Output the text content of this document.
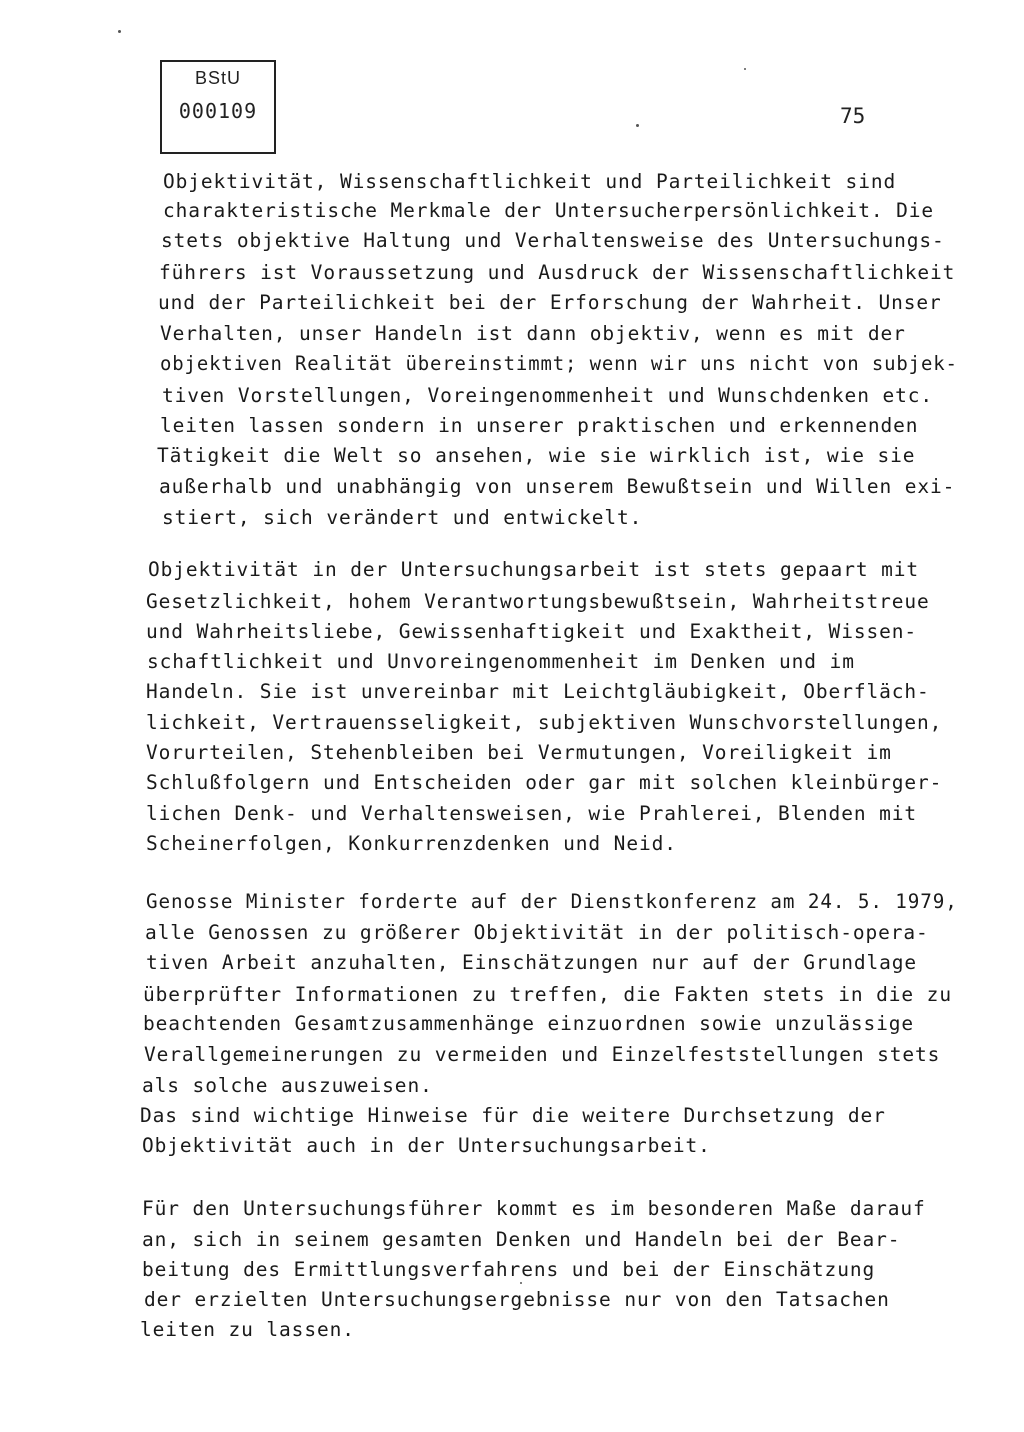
BStU
000109	75
Objektivität, Wissenschaftlichkeit und Parteilichkeit sind
charakteristische Merkmale der Untersucherpersönlichkeit. Die
stets objektive Haltung und Verhaltensweise des Untersuchungs-
führers ist Voraussetzung und Ausdruck der Wissenschaftlichkeit
und der Parteilichkeit bei der Erforschung der Wahrheit. Unser
Verhalten, unser Handeln ist dann objektiv, wenn es mit der
objektiven Realität übereinstimmt; wenn wir uns nicht von subjek-
tiven Vorstellungen, Voreingenommenheit und Wunschdenken etc.
leiten lassen sondern in unserer praktischen und erkennenden
Tätigkeit die Welt so ansehen, wie sie wirklich ist, wie sie
außerhalb und unabhängig von unserem Bewußtsein und Willen exi-
stiert, sich verändert und entwickelt.
Objektivität in der Untersuchungsarbeit ist stets gepaart mit
Gesetzlichkeit, hohem Verantwortungsbewußtsein, Wahrheitstreue
und Wahrheitsliebe, Gewissenhaftigkeit und Exaktheit, Wissen-
schaftlichkeit und Unvoreingenommenheit im Denken und im
Handeln. Sie ist unvereinbar mit Leichtgläubigkeit, Oberfläch-
lichkeit, Vertrauensseligkeit, subjektiven Wunschvorstellungen,
Vorurteilen, Stehenbleiben bei Vermutungen, Voreiligkeit im
Schlußfolgern und Entscheiden oder gar mit solchen kleinbürger-
lichen Denk- und Verhaltensweisen, wie Prahlerei, Blenden mit
Scheinerfolgen, Konkurrenzdenken und Neid.
Genosse Minister forderte auf der Dienstkonferenz am 24. 5. 1979,
alle Genossen zu größerer Objektivität in der politisch-opera-
tiven Arbeit anzuhalten, Einschätzungen nur auf der Grundlage
überprüfter Informationen zu treffen, die Fakten stets in die zu
beachtenden Gesamtzusammenhänge einzuordnen sowie unzulässige
Verallgemeinerungen zu vermeiden und Einzelfeststellungen stets
als solche auszuweisen.
Das sind wichtige Hinweise für die weitere Durchsetzung der
Objektivität auch in der Untersuchungsarbeit.
Für den Untersuchungsführer kommt es im besonderen Maße darauf
an, sich in seinem gesamten Denken und Handeln bei der Bear-
beitung des Ermittlungsverfahrens und bei der Einschätzung
der erzielten Untersuchungsergebnisse nur von den Tatsachen
leiten zu lassen.
